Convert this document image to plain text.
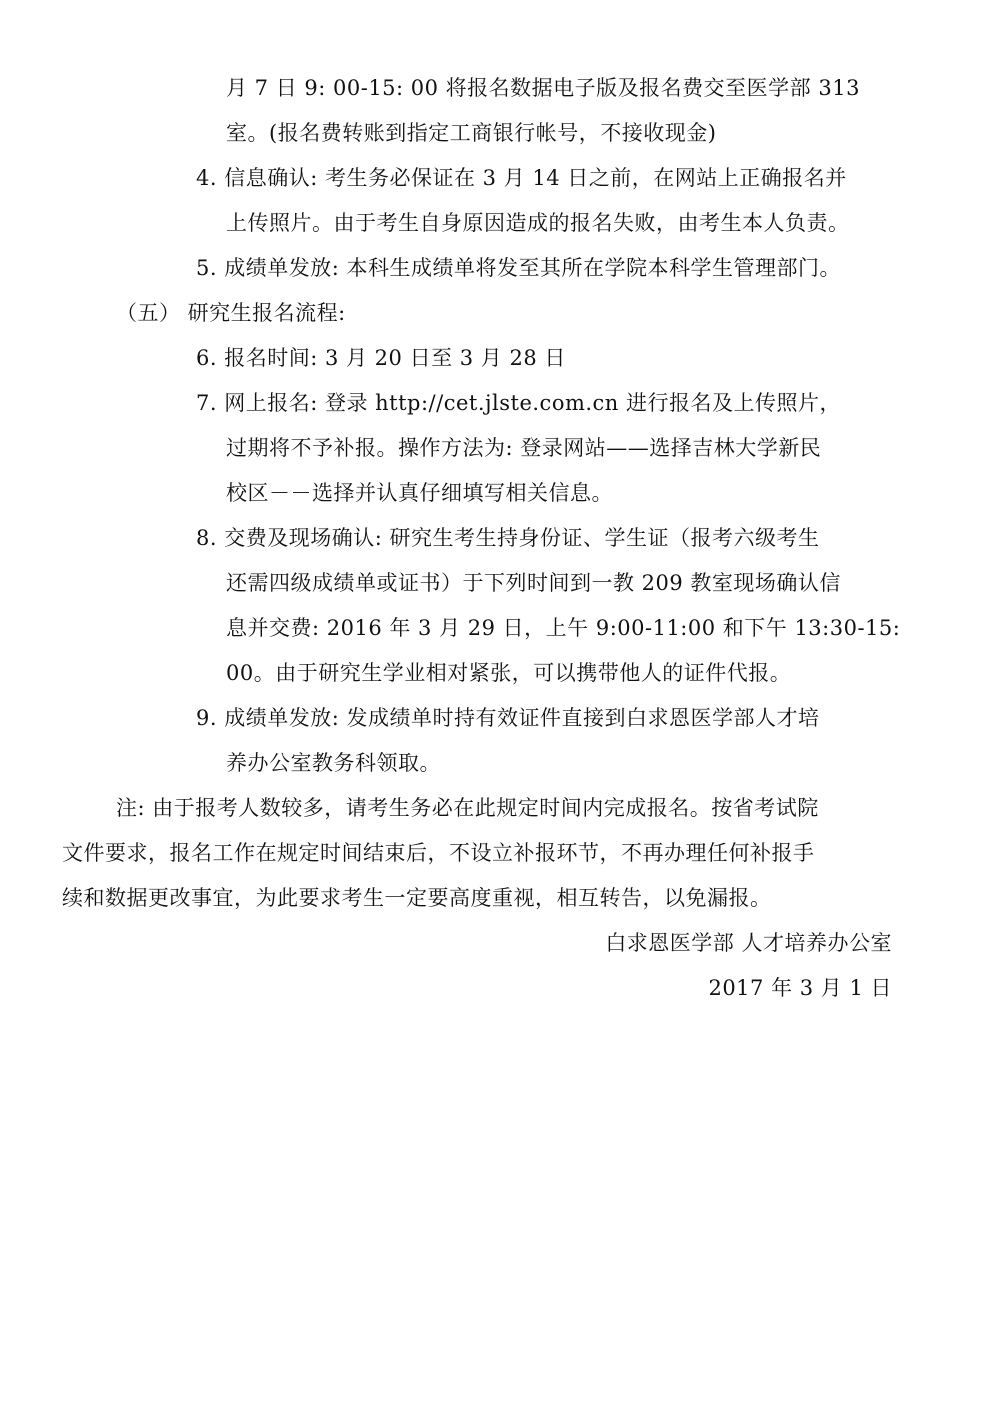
月 7 日 9: 00-15: 00 将报名数据电子版及报名费交至医学部 313
室。(报名费转账到指定工商银行帐号，不接收现金)
4. 信息确认: 考生务必保证在 3 月 14 日之前，在网站上正确报名并
上传照片。由于考生自身原因造成的报名失败，由考生本人负责。
5. 成绩单发放: 本科生成绩单将发至其所在学院本科学生管理部门。
（五） 研究生报名流程:
6. 报名时间: 3 月 20 日至 3 月 28 日
7. 网上报名: 登录 http://cet.jlste.com.cn 进行报名及上传照片，
过期将不予补报。操作方法为: 登录网站——选择吉林大学新民
校区－－选择并认真仔细填写相关信息。
8. 交费及现场确认: 研究生考生持身份证、学生证（报考六级考生
还需四级成绩单或证书）于下列时间到一教 209 教室现场确认信
息并交费: 2016 年 3 月 29 日，上午 9:00-11:00 和下午 13:30-15:
00。由于研究生学业相对紧张，可以携带他人的证件代报。
9. 成绩单发放: 发成绩单时持有效证件直接到白求恩医学部人才培
养办公室教务科领取。
注: 由于报考人数较多，请考生务必在此规定时间内完成报名。按省考试院
文件要求，报名工作在规定时间结束后，不设立补报环节，不再办理任何补报手
续和数据更改事宜，为此要求考生一定要高度重视，相互转告，以免漏报。
白求恩医学部 人才培养办公室
2017 年 3 月 1 日
